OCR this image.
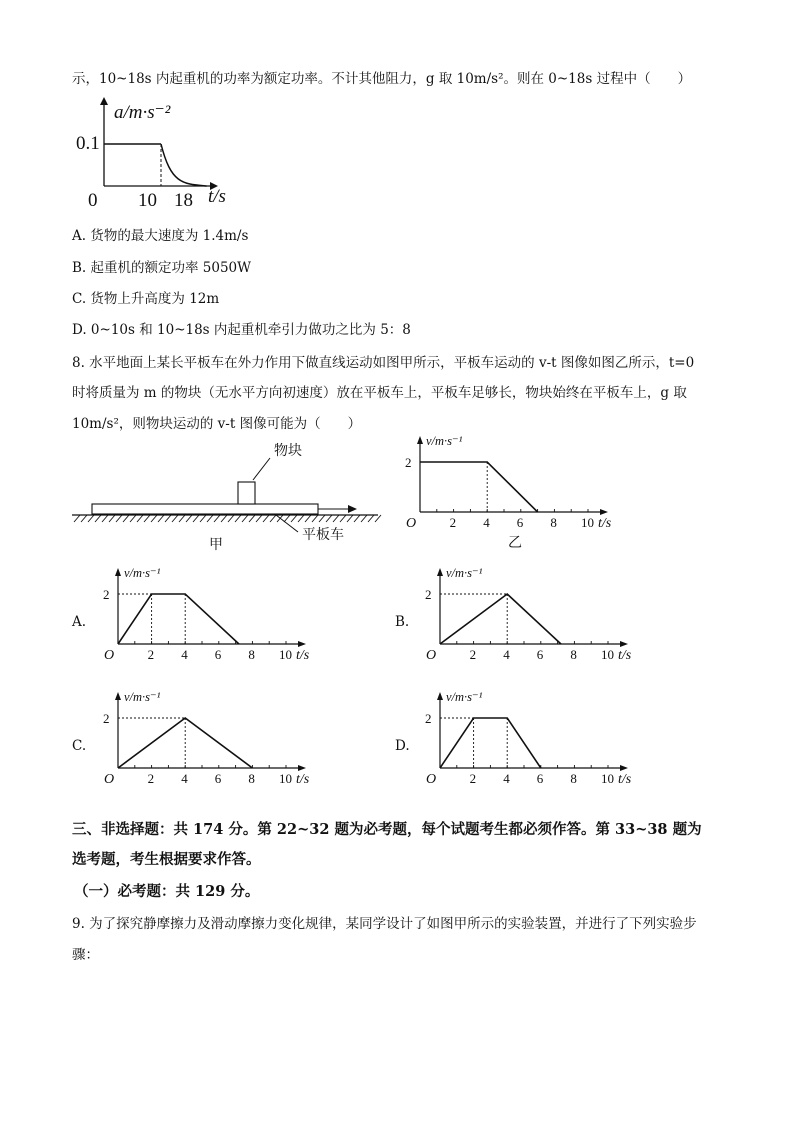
示，10~18s 内起重机的功率为额定功率。不计其他阻力，g 取 10m/s²。则在 0~18s 过程中（　　）
a/m·s⁻²
0.1
0 10 18 t/s
A. 货物的最大速度为 1.4m/s
B. 起重机的额定功率 5050W
C. 货物上升高度为 12m
D. 0~10s 和 10~18s 内起重机牵引力做功之比为 5：8
8. 水平地面上某长平板车在外力作用下做直线运动如图甲所示，平板车运动的 v-t 图像如图乙所示，t=0
时将质量为 m 的物块（无水平方向初速度）放在平板车上，平板车足够长，物块始终在平板车上，g 取
10m/s²，则物块运动的 v-t 图像可能为（　　）
物块
平板车
甲
v/m·s⁻¹
2
O	2 4 6 8 10 t/s
乙
A.
v/m·s⁻¹
2
O	2 4 6 8 10 t/s
B.
v/m·s⁻¹
2
O	2 4 6 8 10 t/s
C.
v/m·s⁻¹
2
O	2 4 6 8 10 t/s
D.
v/m·s⁻¹
2
O	2 4 6 8 10 t/s
三、非选择题：共 174 分。第 22~32 题为必考题，每个试题考生都必须作答。第 33~38 题为
选考题，考生根据要求作答。
（一）必考题：共 129 分。
9. 为了探究静摩擦力及滑动摩擦力变化规律，某同学设计了如图甲所示的实验装置，并进行了下列实验步
骤：
